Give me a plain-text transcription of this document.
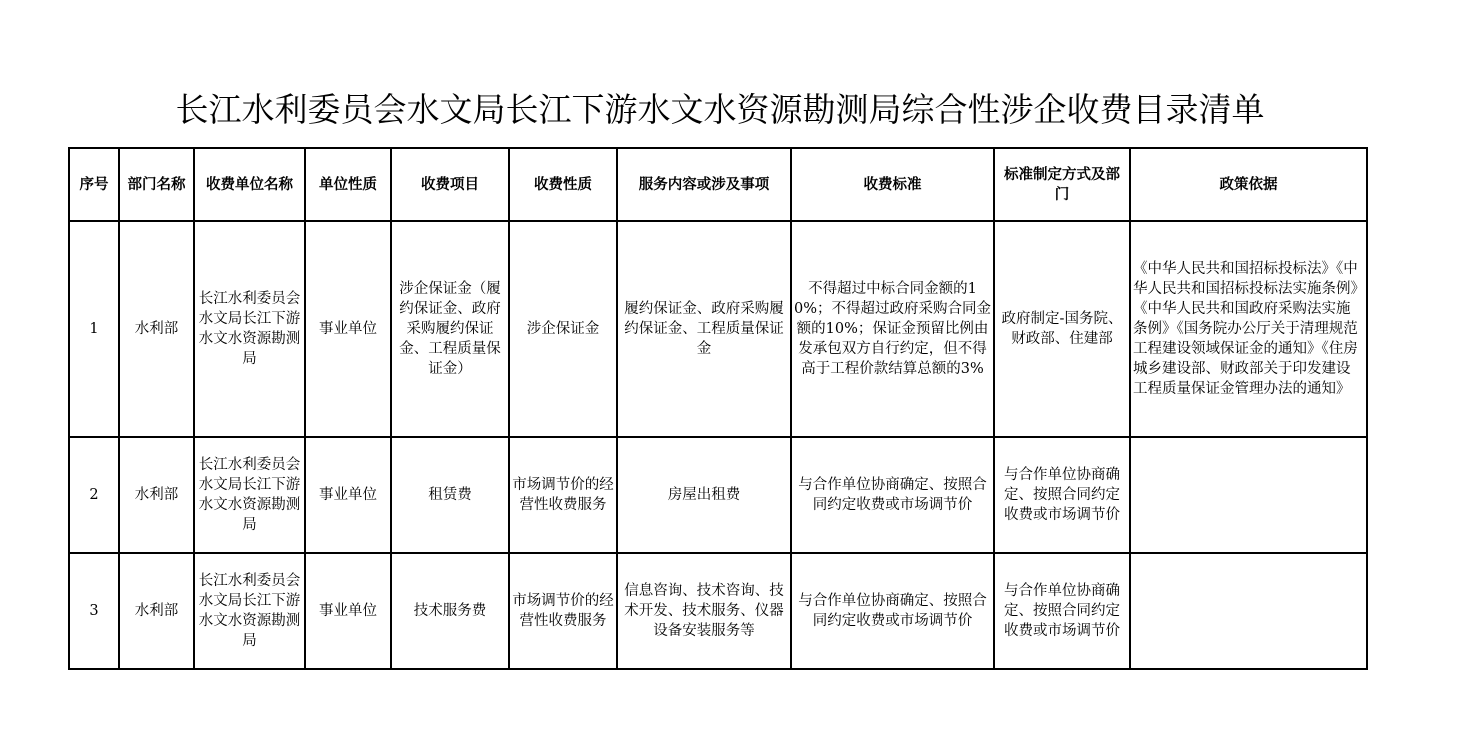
长江水利委员会水文局长江下游水文水资源勘测局综合性涉企收费目录清单
序号	部门名称	收费单位名称	单位性质	收费项目	收费性质	服务内容或涉及事项	收费标准	标准制定方式及部门	政策依据
1	水利部	长江水利委员会水文局长江下游水文水资源勘测局	事业单位	涉企保证金（履约保证金、政府采购履约保证金、工程质量保证金）	涉企保证金	履约保证金、政府采购履约保证金、工程质量保证金	不得超过中标合同金额的10%；不得超过政府采购合同金额的10%；保证金预留比例由发承包双方自行约定，但不得高于工程价款结算总额的3%	政府制定-国务院、财政部、住建部	《中华人民共和国招标投标法》《中华人民共和国招标投标法实施条例》《中华人民共和国政府采购法实施条例》《国务院办公厅关于清理规范工程建设领域保证金的通知》《住房城乡建设部、财政部关于印发建设工程质量保证金管理办法的通知》
2	水利部	长江水利委员会水文局长江下游水文水资源勘测局	事业单位	租赁费	市场调节价的经营性收费服务	房屋出租费	与合作单位协商确定、按照合同约定收费或市场调节价	与合作单位协商确定、按照合同约定收费或市场调节价	
3	水利部	长江水利委员会水文局长江下游水文水资源勘测局	事业单位	技术服务费	市场调节价的经营性收费服务	信息咨询、技术咨询、技术开发、技术服务、仪器设备安装服务等	与合作单位协商确定、按照合同约定收费或市场调节价	与合作单位协商确定、按照合同约定收费或市场调节价	
